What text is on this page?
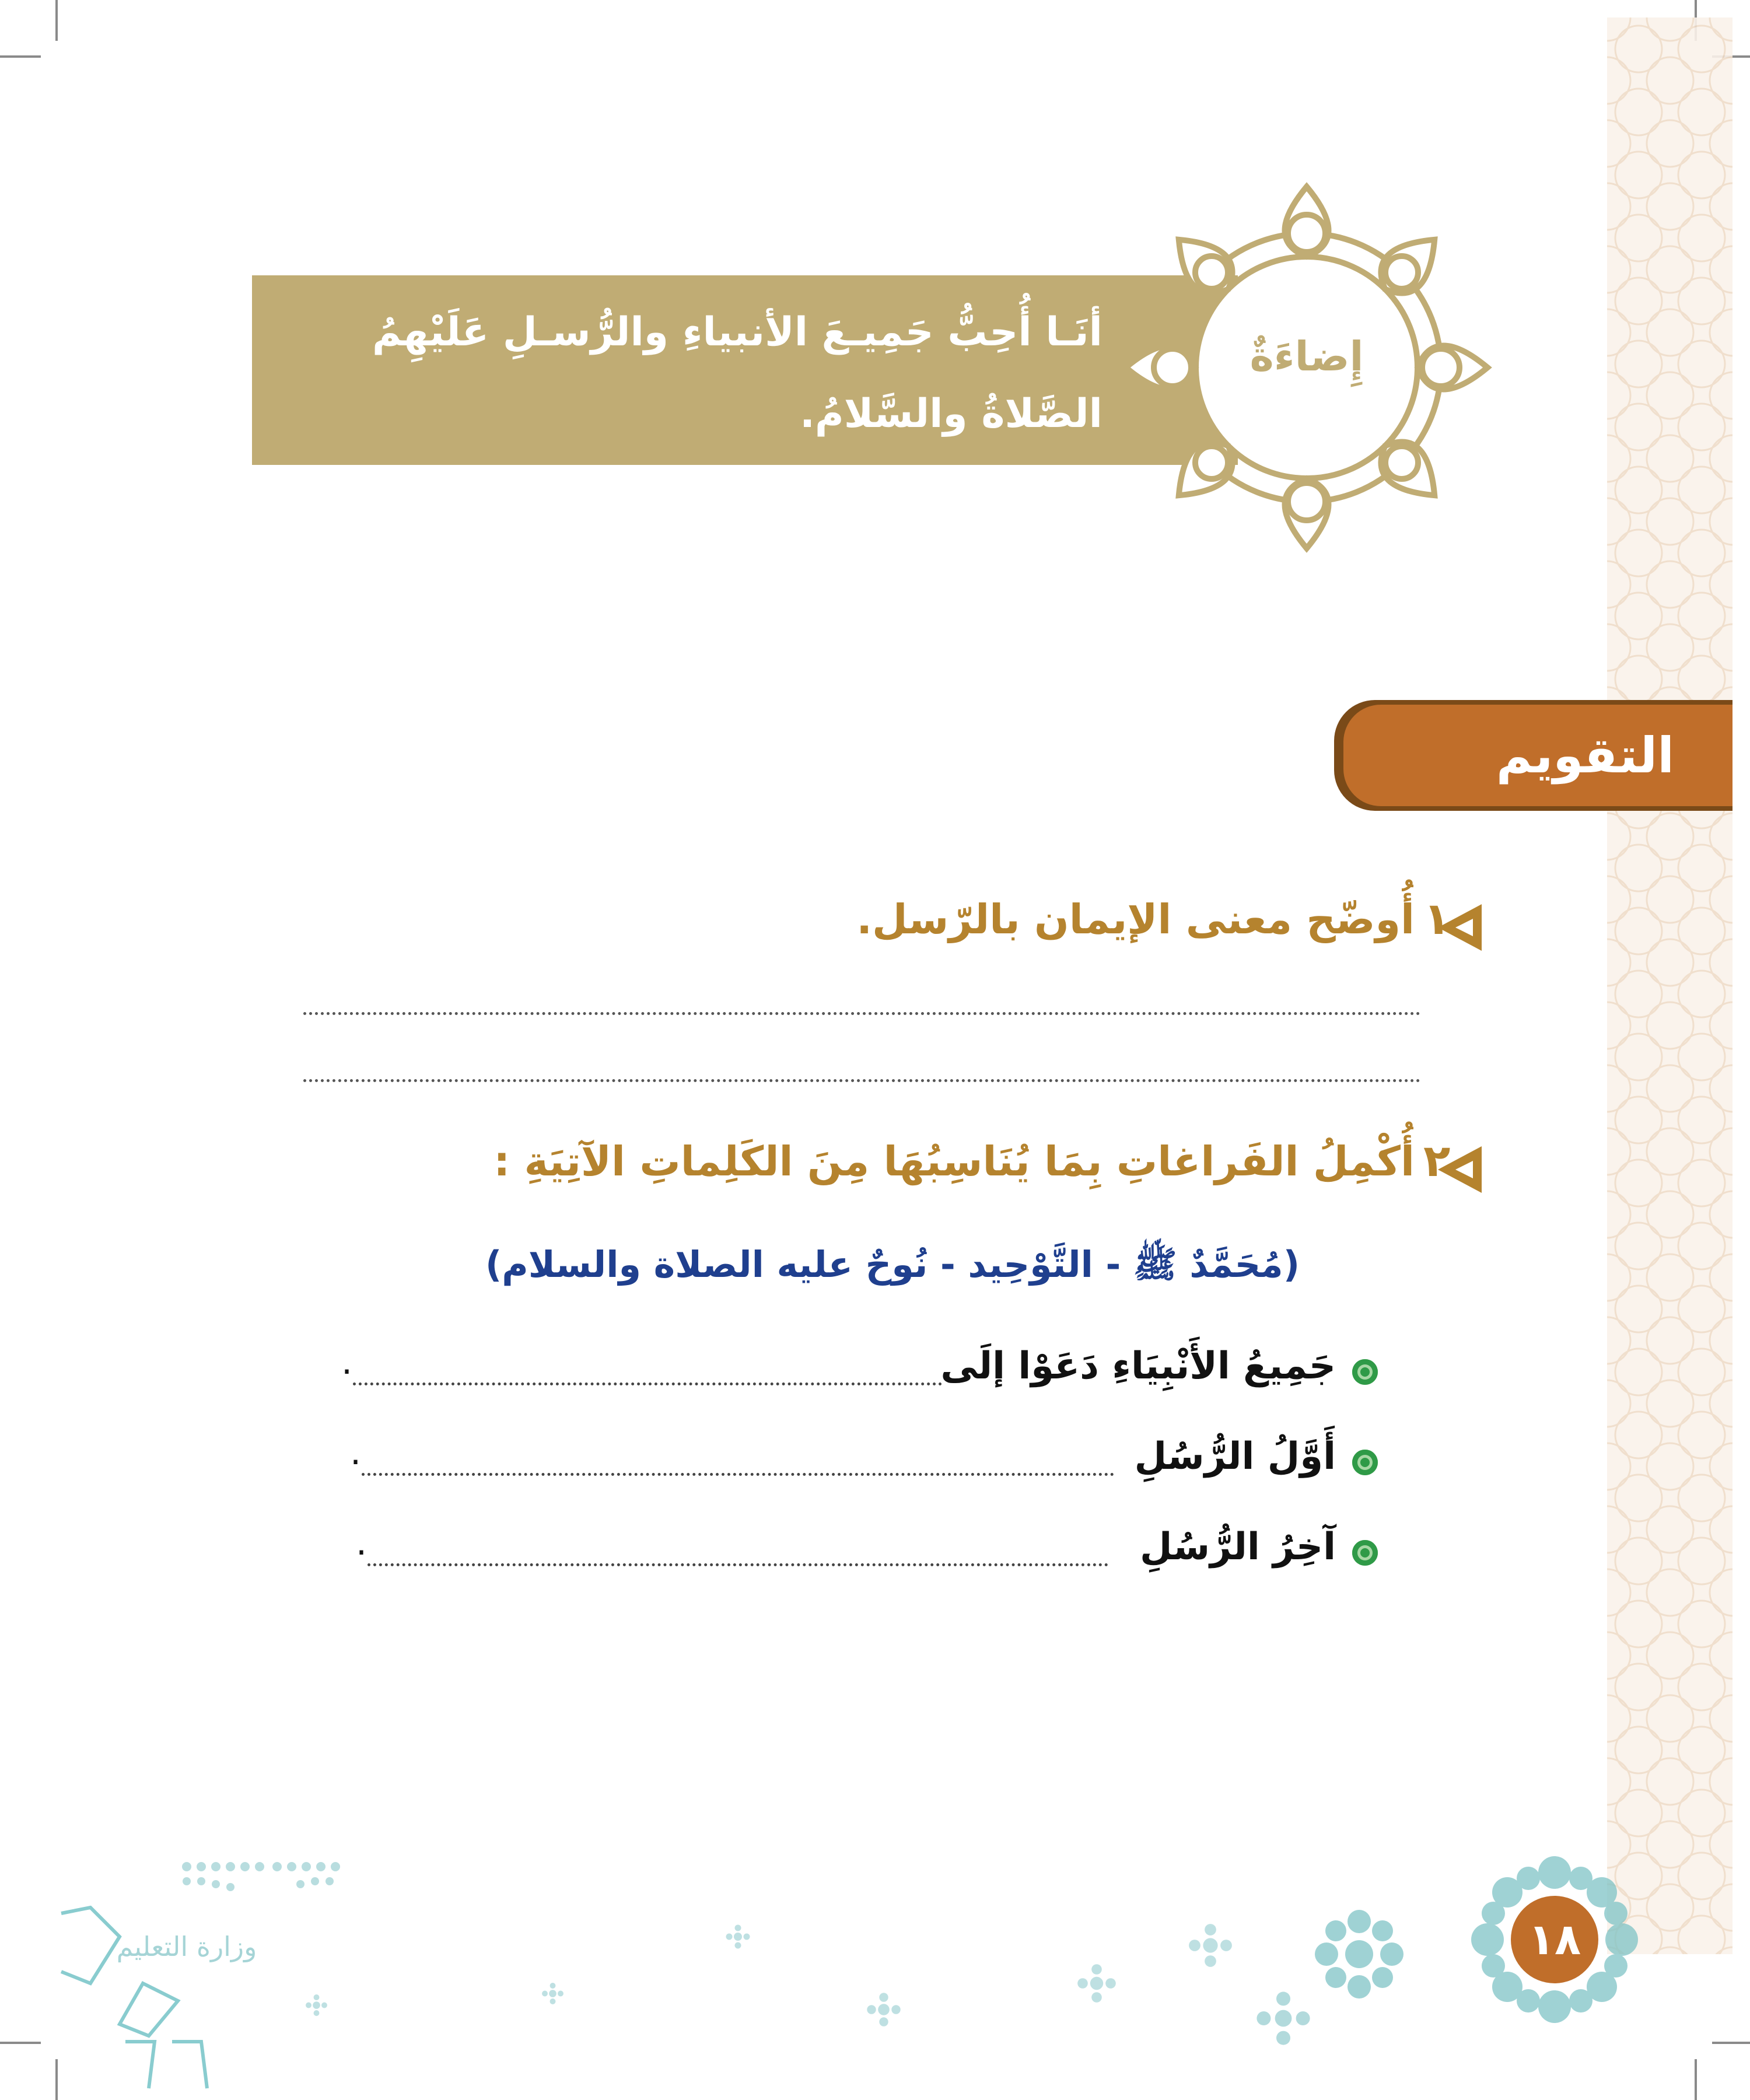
أنَـا أُحِبُّ جَمِيـعَ الأنبياءِ والرُّسـلِ عَلَيْهِمُ
الصَّلاةُ والسَّلامُ.
إِضاءَةٌ
التقويم
١
أُوضّح معنى الإيمان بالرّسل.
٢
أُكْمِلُ الفَراغاتِ بِمَا يُنَاسِبُهَا مِنَ الكَلِماتِ الآتِيَةِ :
(مُحَمَّدٌ ﷺ - التَّوْحِيد - نُوحٌ عليه الصلاة والسلام)
جَمِيعُ الأَنْبِيَاءِ دَعَوْا إلَى
.
أَوَّلُ الرُّسُلِ
.
آخِرُ الرُّسُلِ
.
١٨
وزارة التعليم
